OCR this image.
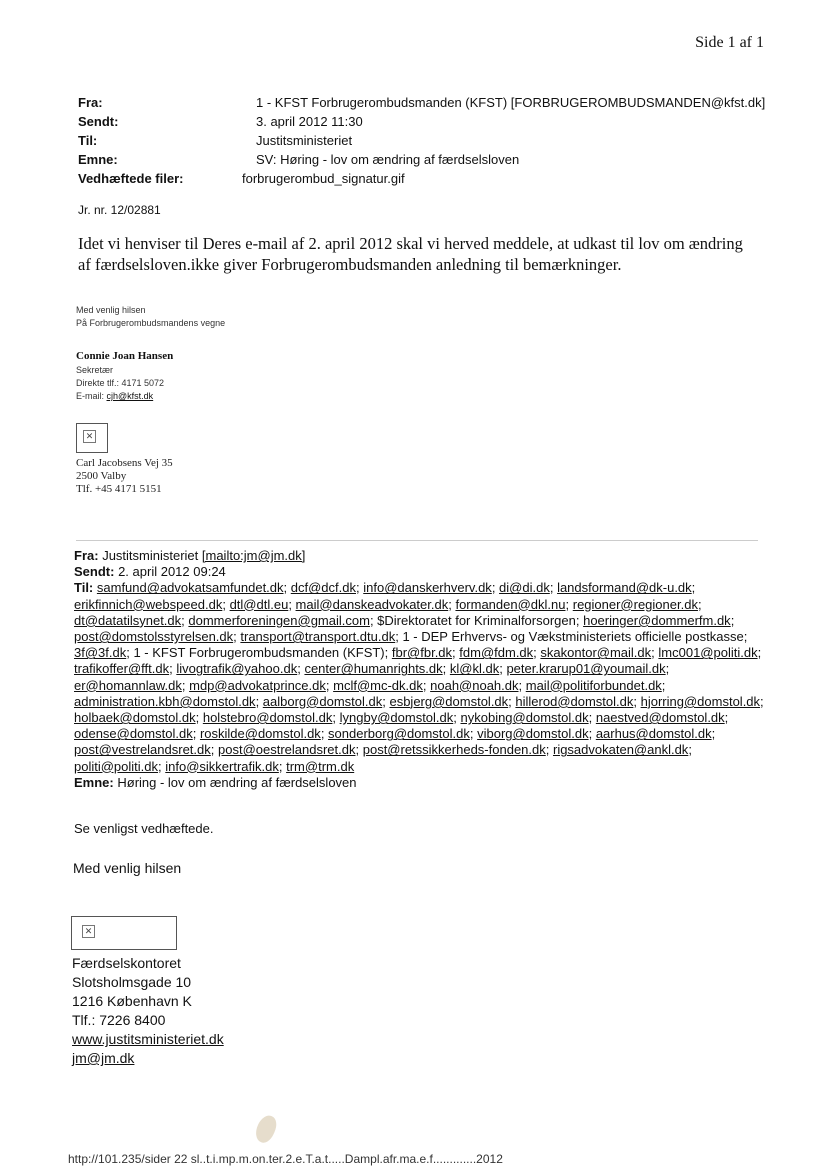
Side 1 af 1
Fra:	1 - KFST Forbrugerombudsmanden (KFST) [FORBRUGEROMBUDSMANDEN@kfst.dk]
Sendt:	3. april 2012 11:30
Til:	Justitsministeriet
Emne:	SV: Høring - lov om ændring af færdselsloven
Vedhæftede filer:	forbrugerombud_signatur.gif
Jr. nr. 12/02881
Idet vi henviser til Deres e-mail af 2. april 2012 skal vi herved meddele, at udkast til lov om ændring af færdselsloven.ikke giver Forbrugerombudsmanden anledning til bemærkninger.
Med venlig hilsen
På Forbrugerombudsmandens vegne
Connie Joan Hansen
Sekretær
Direkte tlf.: 4171 5072
E-mail: cjh@kfst.dk
✕
Carl Jacobsens Vej 35
2500 Valby
Tlf. +45 4171 5151
Fra: Justitsministeriet [mailto:jm@jm.dk]
Sendt: 2. april 2012 09:24
Til: samfund@advokatsamfundet.dk; dcf@dcf.dk; info@danskerhverv.dk; di@di.dk; landsformand@dk-u.dk; erikfinnich@webspeed.dk; dtl@dtl.eu; mail@danskeadvokater.dk; formanden@dkl.nu; regioner@regioner.dk; dt@datatilsynet.dk; dommerforeningen@gmail.com; $Direktoratet for Kriminalforsorgen; hoeringer@dommerfm.dk; post@domstolsstyrelsen.dk; transport@transport.dtu.dk; 1 - DEP Erhvervs- og Vækstministeriets officielle postkasse; 3f@3f.dk; 1 - KFST Forbrugerombudsmanden (KFST); fbr@fbr.dk; fdm@fdm.dk; skakontor@mail.dk; lmc001@politi.dk; trafikoffer@fft.dk; livogtrafik@yahoo.dk; center@humanrights.dk; kl@kl.dk; peter.krarup01@youmail.dk; er@homannlaw.dk; mdp@advokatprince.dk; mclf@mc-dk.dk; noah@noah.dk; mail@politiforbundet.dk; administration.kbh@domstol.dk; aalborg@domstol.dk; esbjerg@domstol.dk; hillerod@domstol.dk; hjorring@domstol.dk; holbaek@domstol.dk; holstebro@domstol.dk; lyngby@domstol.dk; nykobing@domstol.dk; naestved@domstol.dk; odense@domstol.dk; roskilde@domstol.dk; sonderborg@domstol.dk; viborg@domstol.dk; aarhus@domstol.dk; post@vestrelandsret.dk; post@oestrelandsret.dk; post@retssikkerheds-fonden.dk; rigsadvokaten@ankl.dk; politi@politi.dk; info@sikkertrafik.dk; trm@trm.dk
Emne: Høring - lov om ændring af færdselsloven
Se venligst vedhæftede.
Med venlig hilsen
✕
Færdselskontoret
Slotsholmsgade 10
1216 København K
Tlf.: 7226 8400
www.justitsministeriet.dk
jm@jm.dk
http://101.235/sider 22 sl..t.i.mp.m.on.ter.2.e.T.a.t.....Dampl.afr.ma.e.f.............2012
